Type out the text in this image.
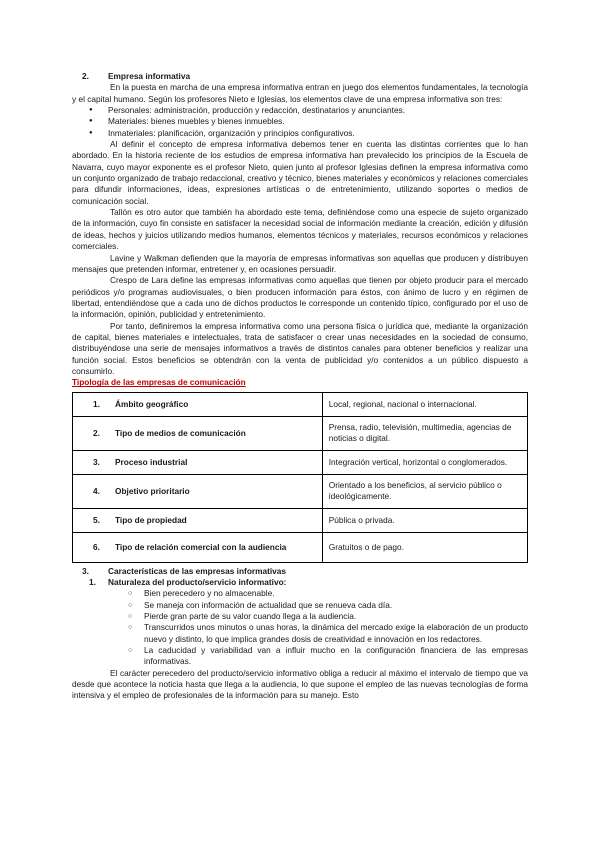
2. Empresa informativa

En la puesta en marcha de una empresa informativa entran en juego dos elementos fundamentales, la tecnología y el capital humano. Según los profesores Nieto e Iglesias, los elementos clave de una empresa informativa son tres:

● Personales: administración, producción y redacción, destinatarios y anunciantes.
● Materiales: bienes muebles y bienes inmuebles.
● Inmateriales: planificación, organización y principios configurativos.

Al definir el concepto de empresa informativa debemos tener en cuenta las distintas corrientes que lo han abordado. En la historia reciente de los estudios de empresa informativa han prevalecido los principios de la Escuela de Navarra, cuyo mayor exponente es el profesor Nieto, quien junto al profesor Iglesias definen la empresa informativa como un conjunto organizado de trabajo redaccional, creativo y técnico, bienes materiales y económicos y relaciones comerciales para difundir informaciones, ideas, expresiones artísticas o de entretenimiento, utilizando soportes o medios de comunicación social.

Tallón es otro autor que también ha abordado este tema, definiéndose como una especie de sujeto organizado de la información, cuyo fin consiste en satisfacer la necesidad social de información mediante la creación, edición y difusión de ideas, hechos y juicios utilizando medios humanos, elementos técnicos y materiales, recursos económicos y relaciones comerciales.

Lavine y Walkman defienden que la mayoría de empresas informativas son aquellas que producen y distribuyen mensajes que pretenden informar, entretener y, en ocasiones persuadir.

Crespo de Lara define las empresas informativas como aquellas que tienen por objeto producir para el mercado periódicos y/o programas audiovisuales, o bien producen información para éstos, con ánimo de lucro y en régimen de libertad, entendiéndose que a cada uno de dichos productos le corresponde un contenido típico, configurado por el uso de la información, opinión, publicidad y entretenimiento.

Por tanto, definiremos la empresa informativa como una persona física o jurídica que, mediante la organización de capital, bienes materiales e intelectuales, trata de satisfacer o crear unas necesidades en la sociedad de consumo, distribuyéndose una serie de mensajes informativos a través de distintos canales para obtener beneficios y realizar una función social. Estos beneficios se obtendrán con la venta de publicidad y/o contenidos a un público dispuesto a consumirlo.

Tipología de las empresas de comunicación

1. Ámbito geográfico	Local, regional, nacional o internacional.

2. Tipo de medios de comunicación	Prensa, radio, televisión, multimedia, agencias de noticias o digital.

3. Proceso industrial	Integración vertical, horizontal o conglomerados.

4. Objetivo prioritario	Orientado a los beneficios, al servicio público o ideológicamente.

5. Tipo de propiedad	Pública o privada.

6. Tipo de relación comercial con la audiencia	Gratuitos o de pago.

3. Características de las empresas informativas

1. Naturaleza del producto/servicio informativo:

○ Bien perecedero y no almacenable.
○ Se maneja con información de actualidad que se renueva cada día.
○ Pierde gran parte de su valor cuando llega a la audiencia.
○ Transcurridos unos minutos o unas horas, la dinámica del mercado exige la elaboración de un producto nuevo y distinto, lo que implica grandes dosis de creatividad e innovación en los redactores.
○ La caducidad y variabilidad van a influir mucho en la configuración financiera de las empresas informativas.

El carácter perecedero del producto/servicio informativo obliga a reducir al máximo el intervalo de tiempo que va desde que acontece la noticia hasta que llega a la audiencia, lo que supone el empleo de las nuevas tecnologías de forma intensiva y el empleo de profesionales de la información para su manejo. Esto
